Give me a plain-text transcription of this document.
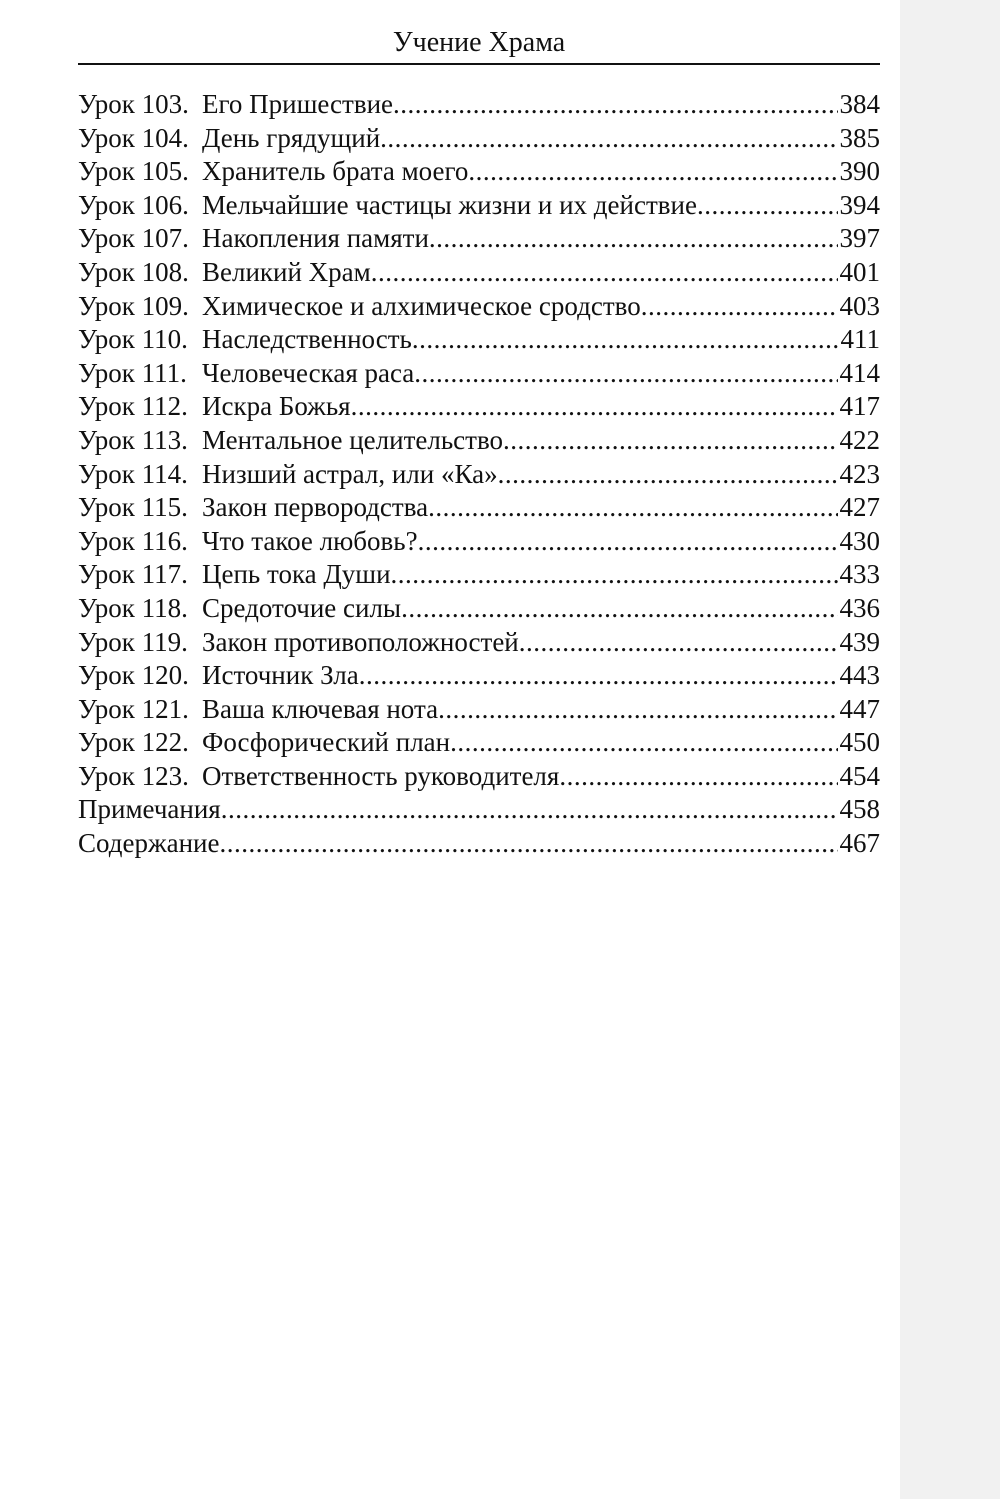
Учение Храма
Урок 103. Его Пришествие .....	384
Урок 104. День грядущий .....	385
Урок 105. Хранитель брата моего .....	390
Урок 106. Мельчайшие частицы жизни и их действие .....	394
Урок 107. Накопления памяти .....	397
Урок 108. Великий Храм .....	401
Урок 109. Химическое и алхимическое сродство .....	403
Урок 110. Наследственность .....	411
Урок 111. Человеческая раса .....	414
Урок 112. Искра Божья .....	417
Урок 113. Ментальное целительство .....	422
Урок 114. Низший астрал, или «Ка» .....	423
Урок 115. Закон первородства .....	427
Урок 116. Что такое любовь? .....	430
Урок 117. Цепь тока Души .....	433
Урок 118. Средоточие силы .....	436
Урок 119. Закон противоположностей .....	439
Урок 120. Источник Зла .....	443
Урок 121. Ваша ключевая нота .....	447
Урок 122. Фосфорический план .....	450
Урок 123. Ответственность руководителя .....	454
Примечания .....	458
Содержание .....	467
